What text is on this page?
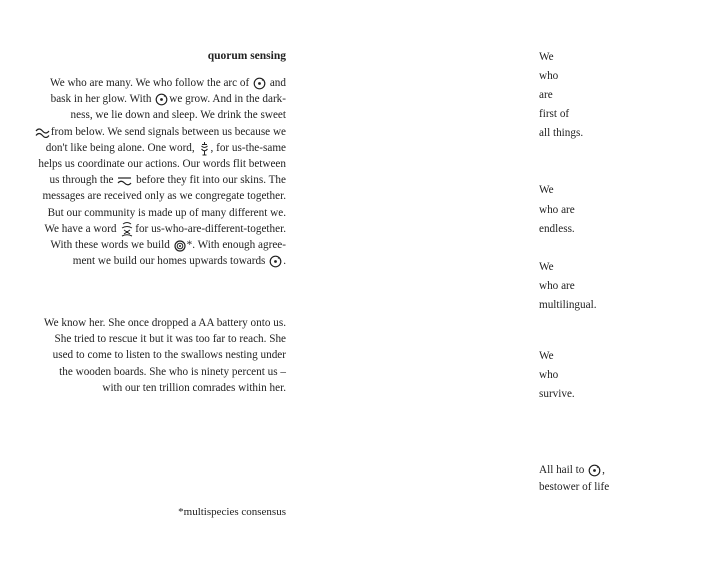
quorum sensing

We who are many. We who follow the arc of and
bask in her glow. With we grow. And in the dark-
ness, we lie down and sleep. We drink the sweet
from below. We send signals between us because we
don't like being alone. One word, , for us-the-same
helps us coordinate our actions. Our words flit between
us through the before they fit into our skins. The
messages are received only as we congregate together.
But our community is made up of many different we.
We have a word for us-who-are-different-together.
With these words we build *. With enough agree-
ment we build our homes upwards towards .

We know her. She once dropped a AA battery onto us.
She tried to rescue it but it was too far to reach. She
used to come to listen to the swallows nesting under
the wooden boards. She who is ninety percent us –
with our ten trillion comrades within her.

*multispecies consensus

We

who

are

first of

all things.

We

who are

endless.

We

who are

multilingual.

We

who

survive.

All hail to ,

bestower of life
